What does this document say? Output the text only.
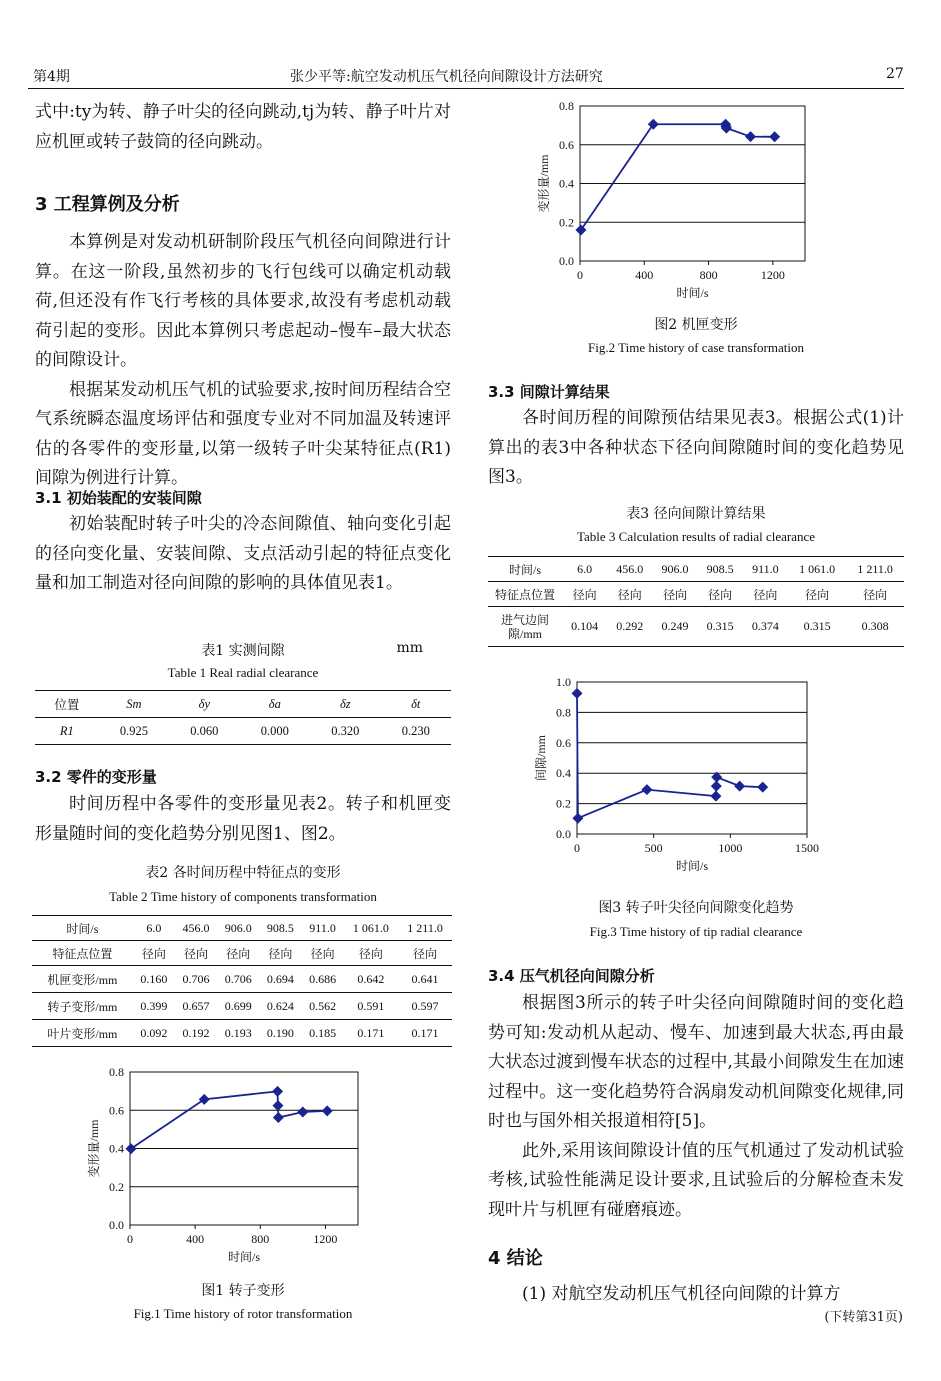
第4期	张少平等:航空发动机压气机径向间隙设计方法研究	27

式中:ty为转、静子叶尖的径向跳动,tj为转、静子叶片对应机匣或转子鼓筒的径向跳动。

3 工程算例及分析

本算例是对发动机研制阶段压气机径向间隙进行计算。在这一阶段,虽然初步的飞行包线可以确定机动载荷,但还没有作飞行考核的具体要求,故没有考虑机动载荷引起的变形。因此本算例只考虑起动–慢车–最大状态的间隙设计。

根据某发动机压气机的试验要求,按时间历程结合空气系统瞬态温度场评估和强度专业对不同加温及转速评估的各零件的变形量,以第一级转子叶尖某特征点(R1)间隙为例进行计算。

3.1 初始装配的安装间隙

初始装配时转子叶尖的冷态间隙值、轴向变化引起的径向变化量、安装间隙、支点活动引起的特征点变化量和加工制造对径向间隙的影响的具体值见表1。

表1 实测间隙	mm
Table 1 Real radial clearance
位置	Sm	δy	δa	δz	δt
R1	0.925	0.060	0.000	0.320	0.230
3.2 零件的变形量

时间历程中各零件的变形量见表2。转子和机匣变形量随时间的变化趋势分别见图1、图2。

表2 各时间历程中特征点的变形
Table 2 Time history of components transformation
时间/s	6.0	456.0	906.0	908.5	911.0	1 061.0	1 211.0
特征点位置	径向	径向	径向	径向	径向	径向	径向
机匣变形/mm	0.160	0.706	0.706	0.694	0.686	0.642	0.641
转子变形/mm	0.399	0.657	0.699	0.624	0.562	0.591	0.597
叶片变形/mm	0.092	0.192	0.193	0.190	0.185	0.171	0.171
0.0
0.2
0.4
0.6
0.8
0	400	800	1200
时间/s
变形量/mm
图1 转子变形
Fig.1 Time history of rotor transformation
0.0
0.2
0.4
0.6
0.8
0	400	800	1200
时间/s
变形量/mm
图2 机匣变形
Fig.2 Time history of case transformation
3.3 间隙计算结果

各时间历程的间隙预估结果见表3。根据公式(1)计算出的表3中各种状态下径向间隙随时间的变化趋势见图3。

表3 径向间隙计算结果
Table 3 Calculation results of radial clearance
时间/s	6.0	456.0	906.0	908.5	911.0	1 061.0	1 211.0
特征点位置	径向	径向	径向	径向	径向	径向	径向
进气边间隙/mm	0.104	0.292	0.249	0.315	0.374	0.315	0.308
0.0
0.2
0.4
0.6
0.8
1.0
0	500	1000	1500
时间/s
间隙/mm
图3 转子叶尖径向间隙变化趋势
Fig.3 Time history of tip radial clearance
3.4 压气机径向间隙分析

根据图3所示的转子叶尖径向间隙随时间的变化趋势可知:发动机从起动、慢车、加速到最大状态,再由最大状态过渡到慢车状态的过程中,其最小间隙发生在加速过程中。这一变化趋势符合涡扇发动机间隙变化规律,同时也与国外相关报道相符[5]。

此外,采用该间隙设计值的压气机通过了发动机试验考核,试验性能满足设计要求,且试验后的分解检查未发现叶片与机匣有碰磨痕迹。

4 结论

(1) 对航空发动机压气机径向间隙的计算方

(下转第31页)
